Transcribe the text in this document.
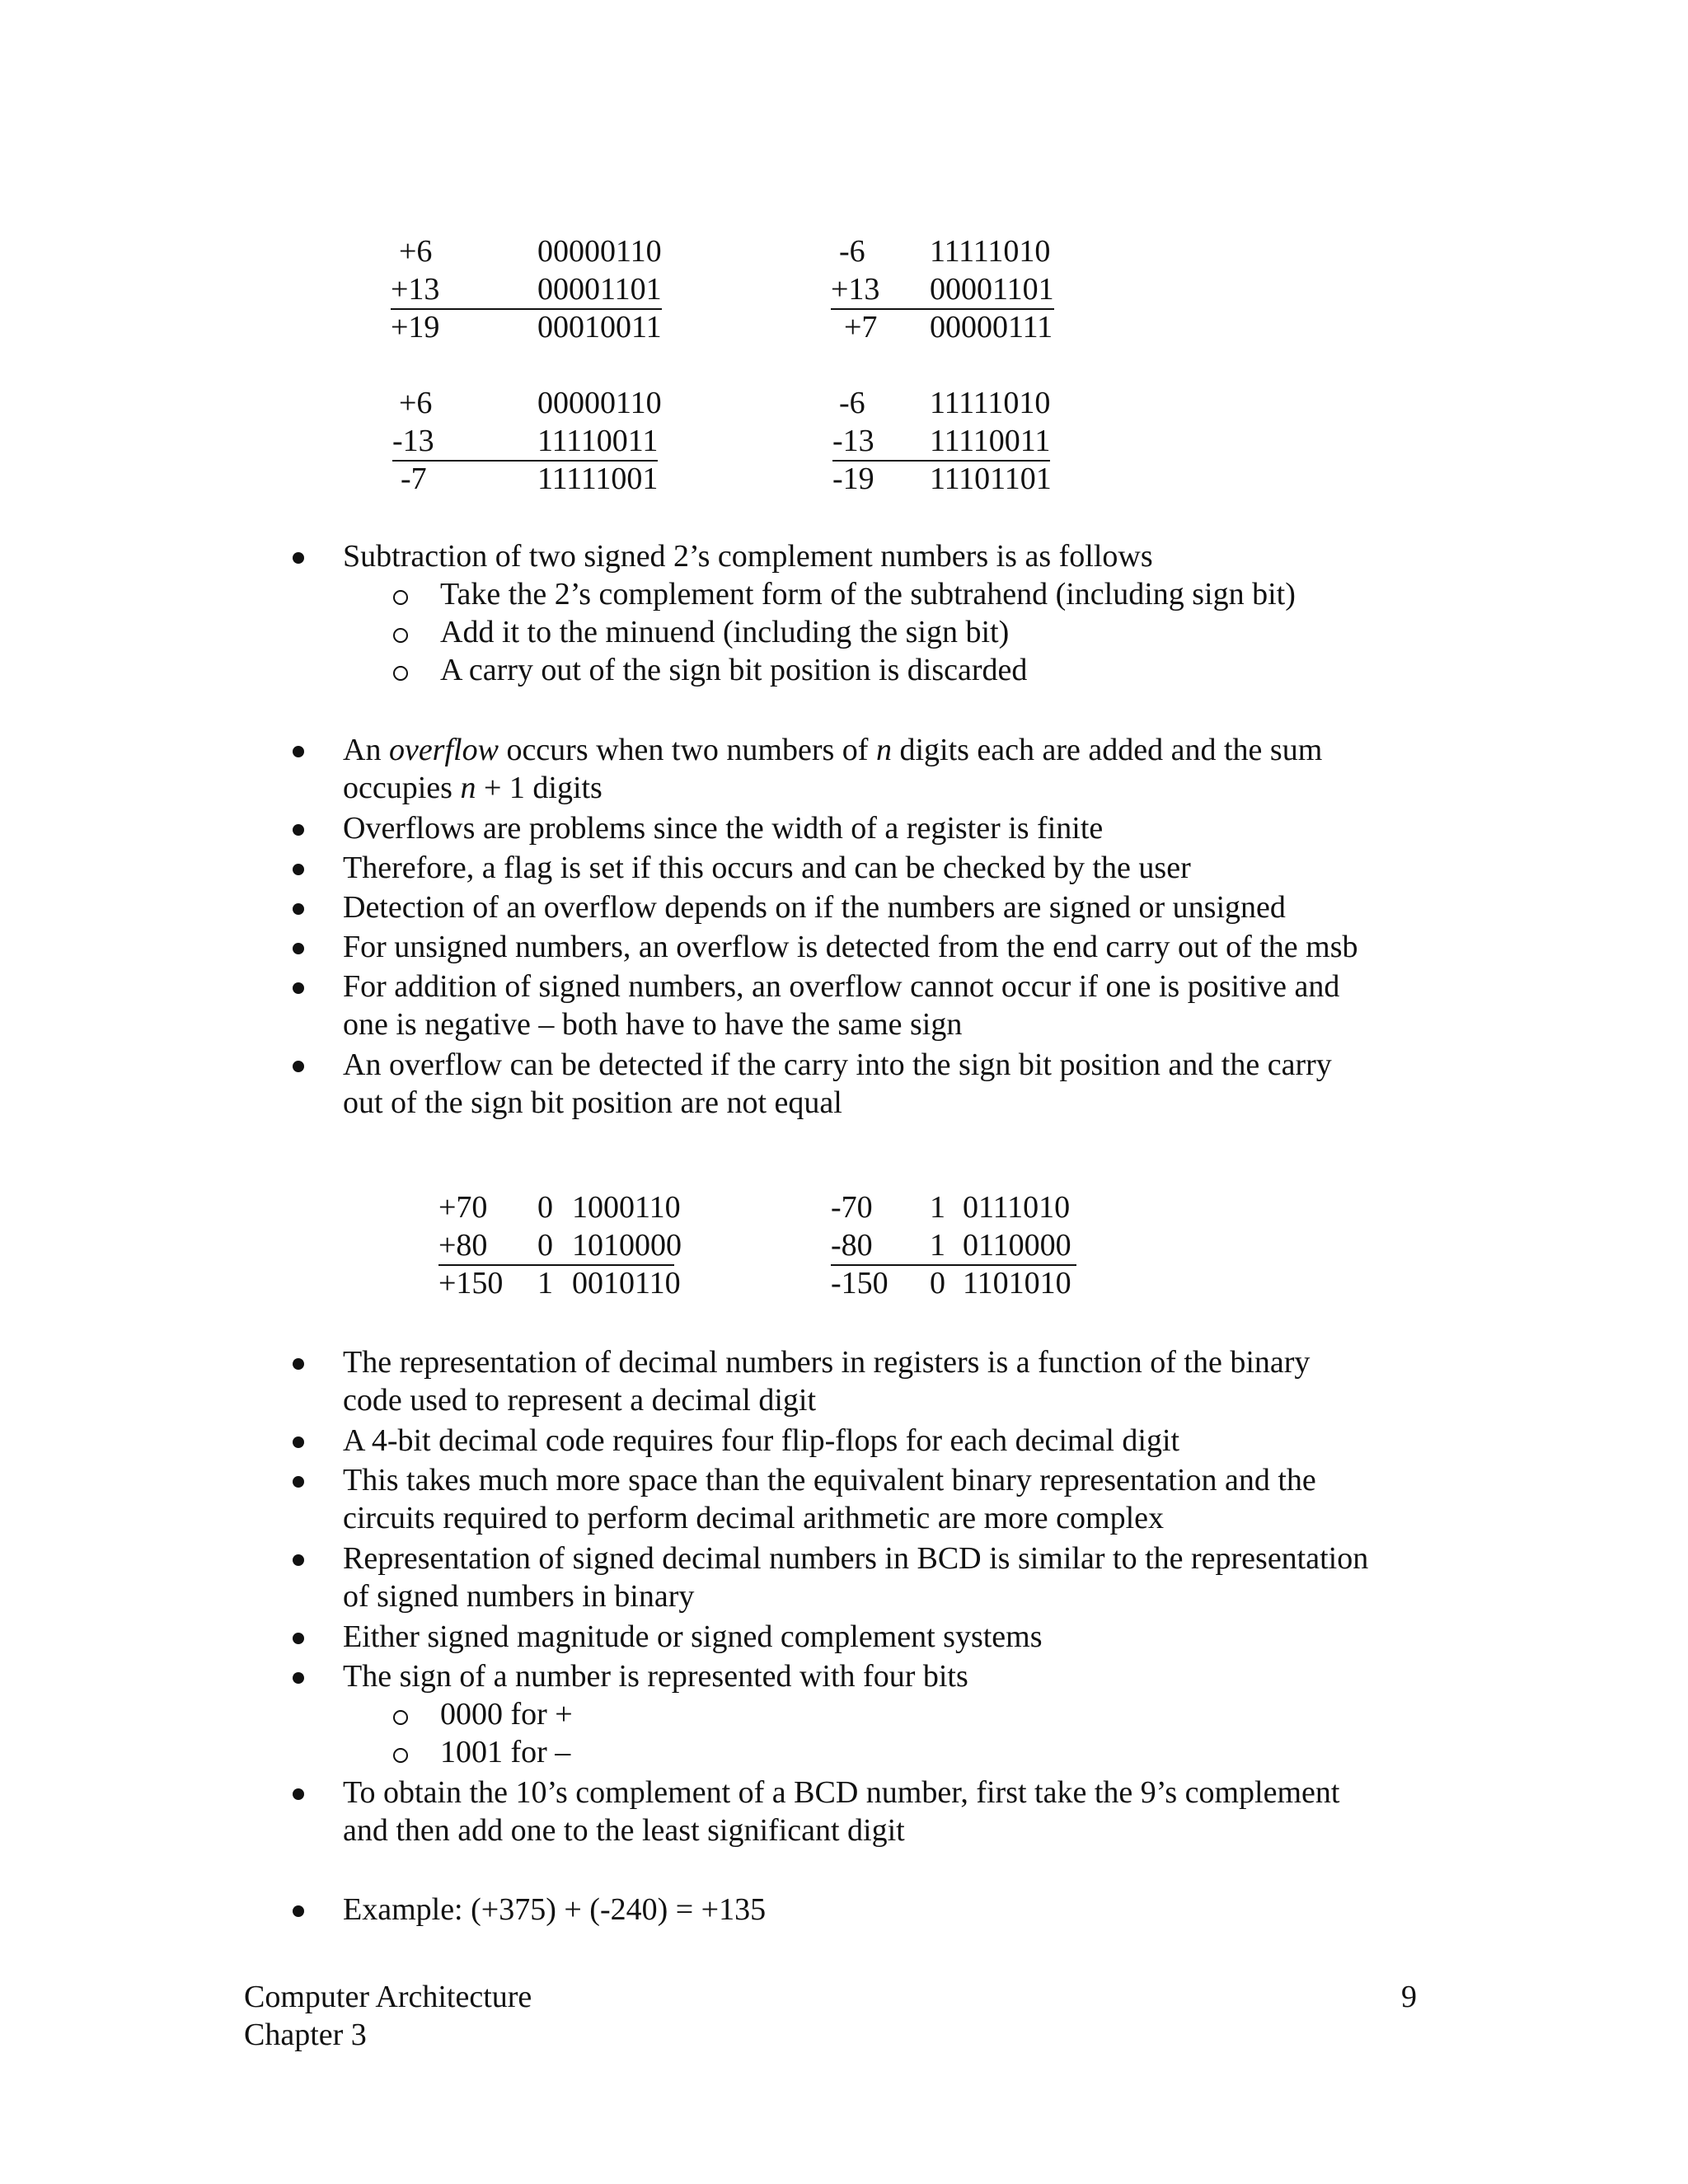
+6	00000110
+13	00001101
+19	00010011
-6 11111010
+13	00001101
+7 00000111
+6	00000110
-13	11110011
-7	11111001
-6 11111010
-13	11110011
-19 11101101
Subtraction of two signed 2’s complement numbers is as follows
Take the 2’s complement form of the subtrahend (including sign bit)
Add it to the minuend (including the sign bit)
A carry out of the sign bit position is discarded
An overflow occurs when two numbers of n digits each are added and the sum
occupies n + 1 digits
Overflows are problems since the width of a register is finite
Therefore, a flag is set if this occurs and can be checked by the user
Detection of an overflow depends on if the numbers are signed or unsigned
For unsigned numbers, an overflow is detected from the end carry out of the msb
For addition of signed numbers, an overflow cannot occur if one is positive and
one is negative – both have to have the same sign
An overflow can be detected if the carry into the sign bit position and the carry
out of the sign bit position are not equal
+70 0 1000110
+80 0 1010000
+150 1 0010110
-70 1 0111010
-80 1 0110000
-150 0 1101010
The representation of decimal numbers in registers is a function of the binary
code used to represent a decimal digit
A 4-bit decimal code requires four flip-flops for each decimal digit
This takes much more space than the equivalent binary representation and the
circuits required to perform decimal arithmetic are more complex
Representation of signed decimal numbers in BCD is similar to the representation
of signed numbers in binary
Either signed magnitude or signed complement systems
The sign of a number is represented with four bits
0000 for +
1001 for –
To obtain the 10’s complement of a BCD number, first take the 9’s complement
and then add one to the least significant digit
Example: (+375) + (-240) = +135
Computer Architecture
Chapter 3
9
